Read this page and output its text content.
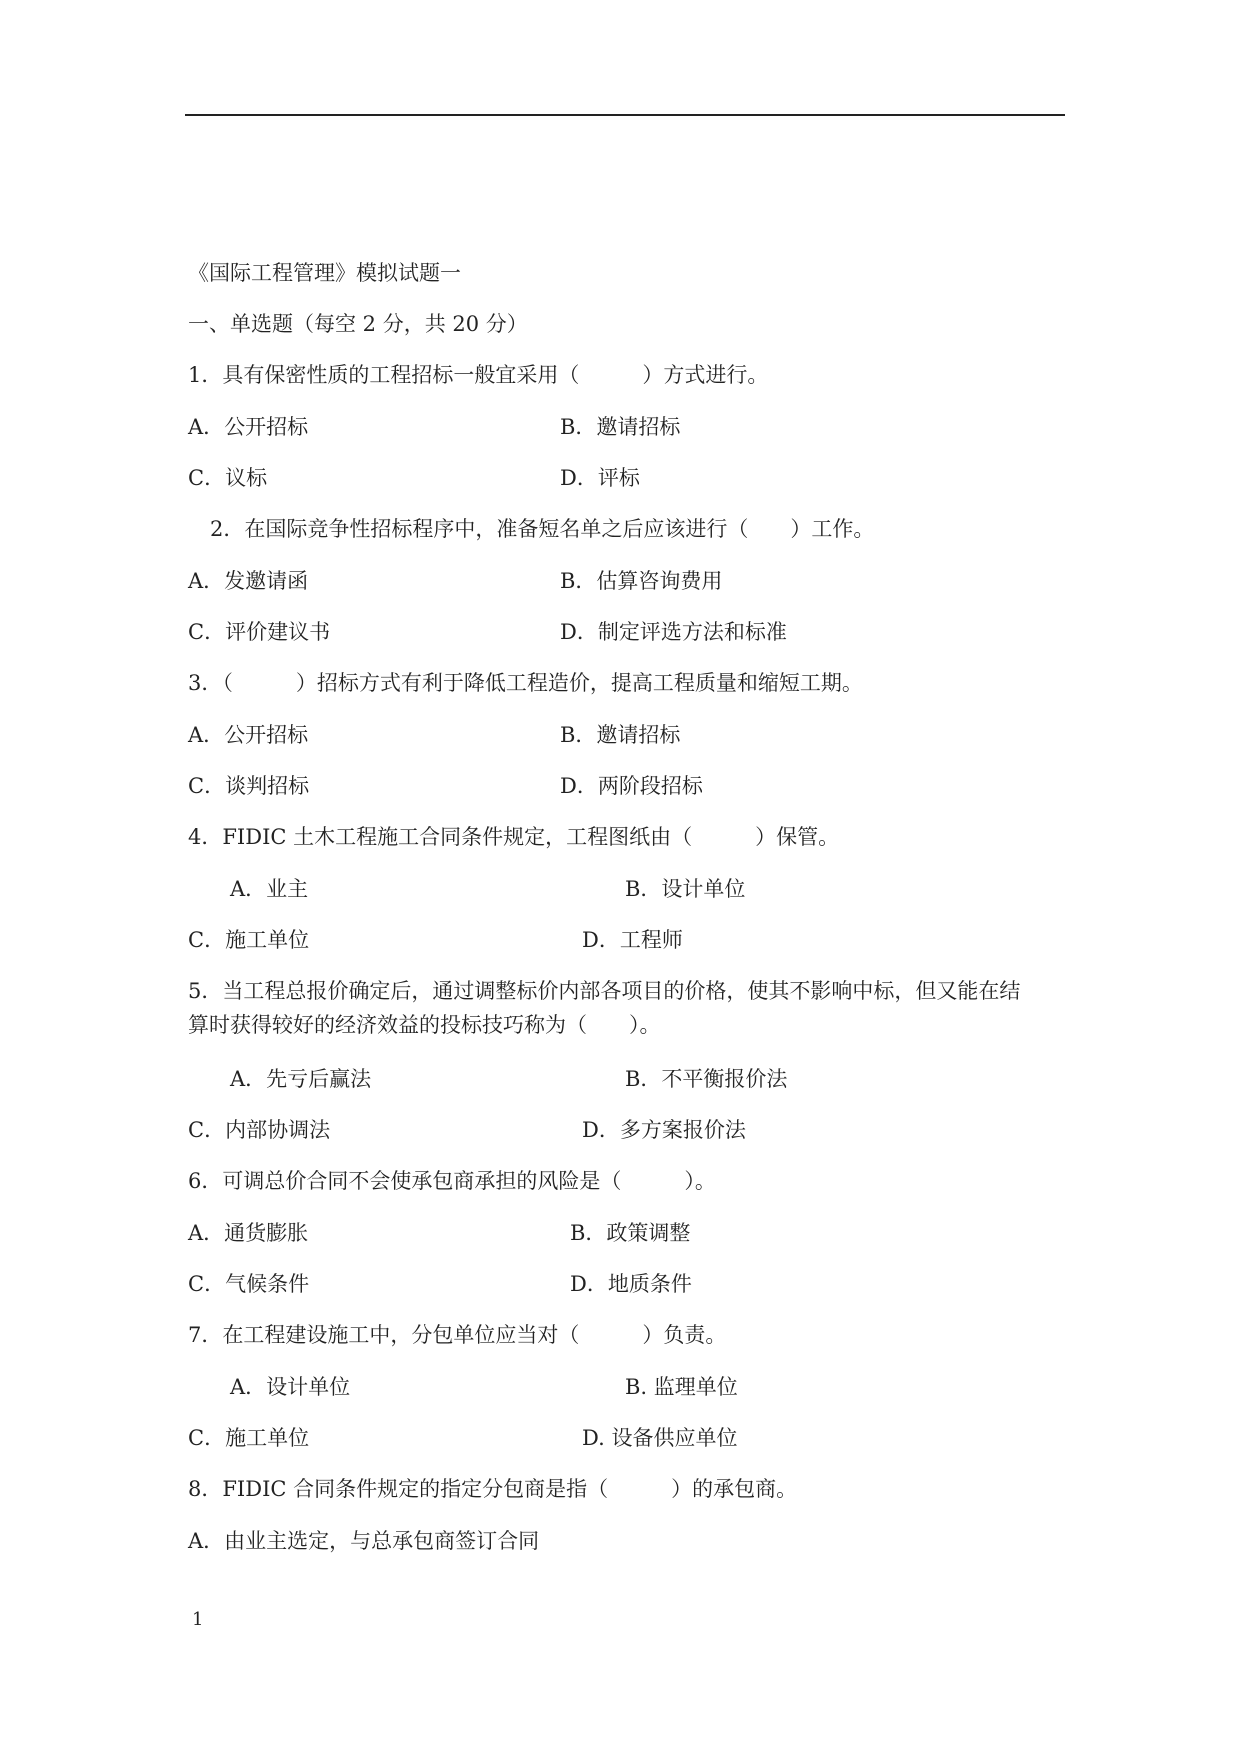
《国际工程管理》模拟试题一
一、单选题（每空 2 分，共 20 分）
1．具有保密性质的工程招标一般宜采用（　　　）方式进行。
A．公开招标	B．邀请招标
C．议标	D．评标
2．在国际竞争性招标程序中，准备短名单之后应该进行（　　）工作。
A．发邀请函	B．估算咨询费用
C．评价建议书	D．制定评选方法和标准
3．（　　　）招标方式有利于降低工程造价，提高工程质量和缩短工期。
A．公开招标	B．邀请招标
C．谈判招标	D．两阶段招标
4．FIDIC 土木工程施工合同条件规定，工程图纸由（　　　）保管。
A．业主	B．设计单位
C．施工单位	D．工程师
5．当工程总报价确定后，通过调整标价内部各项目的价格，使其不影响中标，但又能在结
算时获得较好的经济效益的投标技巧称为（　　）。
A．先亏后赢法	B．不平衡报价法
C．内部协调法	D．多方案报价法
6．可调总价合同不会使承包商承担的风险是（　　　）。
A．通货膨胀	B．政策调整
C．气候条件	D．地质条件
7．在工程建设施工中，分包单位应当对（　　　）负责。
A．设计单位	B. 监理单位
C．施工单位	D. 设备供应单位
8．FIDIC 合同条件规定的指定分包商是指（　　　）的承包商。
A．由业主选定，与总承包商签订合同
1
